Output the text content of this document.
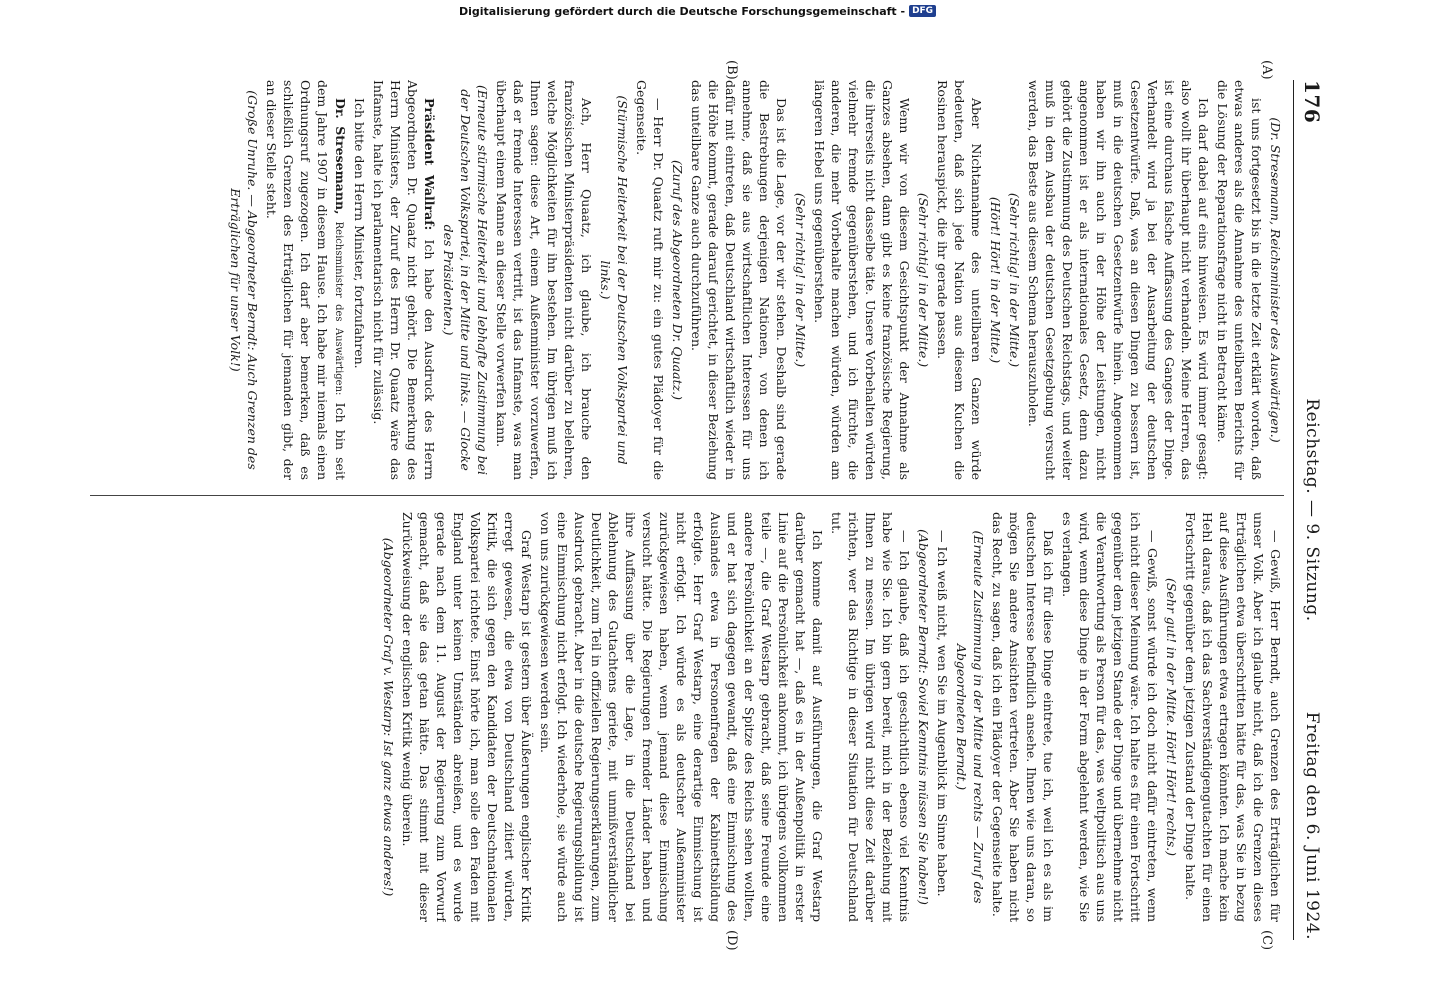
176
Reichstag. — 9. Sitzung.
Freitag den 6. Juni 1924.
(A)
(B)
(C)
(D)

(Dr. Stresemann, Reichsminister des Auswärtigen.)

ist uns fortgesetzt bis in die letzte Zeit erklärt worden, daß etwas anderes als die Annahme des unteilbaren Berichts für die Lösung der Reparationsfrage nicht in Betracht käme.

Ich darf dabei auf eins hinweisen. Es wird immer gesagt: also wollt ihr überhaupt nicht verhandeln. Meine Herren, das ist eine durchaus falsche Auffassung des Ganges der Dinge. Verhandelt wird ja bei der Ausarbeitung der deutschen Gesetzentwürfe. Daß, was an diesen Dingen zu bessern ist, muß in die deutschen Gesetzentwürfe hinein. Angenommen haben wir ihn auch in der Höhe der Leistungen, nicht angenommen ist er als internationales Gesetz, denn dazu gehört die Zustimmung des Deutschen Reichstags, und weiter muß in dem Ausbau der deutschen Gesetzgebung versucht werden, das Beste aus diesem Schema herauszuholen.

(Sehr richtig! in der Mitte.)

(Hört! Hört! in der Mitte.)

Aber Nichtannahme des unteilbaren Ganzen würde bedeuten, daß sich jede Nation aus diesem Kuchen die Rosinen herauspickt, die ihr gerade passen.

(Sehr richtig! in der Mitte.)

Wenn wir von diesem Gesichtspunkt der Annahme als Ganzes absehen, dann gibt es keine französische Regierung, die ihrerseits nicht dasselbe täte. Unsere Vorbehalten würden vielmehr fremde gegenüberstehen, und ich fürchte, die anderen, die mehr Vorbehalte machen würden, würden am längeren Hebel uns gegenüberstehen.

(Sehr richtig! in der Mitte.)

Das ist die Lage, vor der wir stehen. Deshalb sind gerade die Bestrebungen derjenigen Nationen, von denen ich annehme, daß sie aus wirtschaftlichen Interessen für uns dafür mit eintreten, daß Deutschland wirtschaftlich wieder in die Höhe kommt, gerade darauf gerichtet, in dieser Beziehung das unteilbare Ganze auch durchzuführen.

(Zuruf des Abgeordneten Dr. Quaatz.)

— Herr Dr. Quaatz ruft mir zu: ein gutes Plädoyer für die Gegenseite.

(Stürmische Heiterkeit bei der Deutschen Volkspartei und links.)

Ach, Herr Quaatz, ich glaube, ich brauche den französischen Ministerpräsidenten nicht darüber zu belehren, welche Möglichkeiten für ihn bestehen. Im übrigen muß ich Ihnen sagen: diese Art, einem Außenminister vorzuwerfen, daß er fremde Interessen vertritt, ist das Infamste, was man überhaupt einem Manne an dieser Stelle vorwerfen kann.

(Erneute stürmische Heiterkeit und lebhafte Zustimmung bei der Deutschen Volkspartei, in der Mitte und links. — Glocke des Präsidenten.)

Präsident Wallraf: Ich habe den Ausdruck des Herrn Abgeordneten Dr. Quaatz nicht gehört. Die Bemerkung des Herrn Ministers, der Zuruf des Herrn Dr. Quaatz wäre das Infamste, halte ich parlamentarisch nicht für zulässig.

Ich bitte den Herrn Minister, fortzufahren.

Dr. Stresemann, Reichsminister des Auswärtigen: Ich bin seit dem Jahre 1907 in diesem Hause. Ich habe mir niemals einen Ordnungsruf zugezogen. Ich darf aber bemerken, daß es schließlich Grenzen des Erträglichen für jemanden gibt, der an dieser Stelle steht.

(Große Unruhe. — Abgeordneter Berndt: Auch Grenzen des Erträglichen für unser Volk!)

— Gewiß, Herr Berndt, auch Grenzen des Erträglichen für unser Volk. Aber ich glaube nicht, daß ich die Grenzen dieses Erträglichen etwa überschritten hätte für das, was Sie in bezug auf diese Ausführungen etwa ertragen könnten. Ich mache kein Hehl daraus, daß ich das Sachverständigengutachten für einen Fortschritt gegenüber dem jetzigen Zustand der Dinge halte.

(Sehr gut! in der Mitte. Hört! Hört! rechts.)

— Gewiß, sonst würde ich doch nicht dafür eintreten, wenn ich nicht dieser Meinung wäre. Ich halte es für einen Fortschritt gegenüber dem jetzigen Stande der Dinge und übernehme nicht die Verantwortung als Person für das, was weltpolitisch aus uns wird, wenn diese Dinge in der Form abgelehnt werden, wie Sie es verlangen.

Daß ich für diese Dinge eintrete, tue ich, weil ich es als im deutschen Interesse befindlich ansehe. Ihnen wie uns daran, so mögen Sie andere Ansichten vertreten. Aber Sie haben nicht das Recht, zu sagen, daß ich ein Plädoyer der Gegenseite halte.

(Erneute Zustimmung in der Mitte und rechts — Zuruf des Abgeordneten Berndt.)

— Ich weiß nicht, wen Sie im Augenblick im Sinne haben.

(Abgeordneter Berndt: Soviel Kenntnis müssen Sie haben!)

— Ich glaube, daß ich geschichtlich ebenso viel Kenntnis habe wie Sie. Ich bin gern bereit, mich in der Beziehung mit Ihnen zu messen. Im übrigen wird nicht diese Zeit darüber richten, wer das Richtige in dieser Situation für Deutschland tut.

Ich komme damit auf Ausführungen, die Graf Westarp darüber gemacht hat —, daß es in der Außenpolitik in erster Linie auf die Persönlichkeit ankommt, ich übrigens vollkommen teile —, die Graf Westarp gebracht, daß seine Freunde eine andere Persönlichkeit an der Spitze des Reichs sehen wollten, und er hat sich dagegen gewandt, daß eine Einmischung des Auslandes etwa in Personenfragen der Kabinettsbildung erfolgte. Herr Graf Westarp, eine derartige Einmischung ist nicht erfolgt. Ich würde es als deutscher Außenminister zurückgewiesen haben, wenn jemand diese Einmischung versucht hätte. Die Regierungen fremder Länder haben und ihre Auffassung über die Lage, in die Deutschland bei Ablehnung des Gutachtens geriete, mit unmißverständlicher Deutlichkeit, zum Teil in offiziellen Regierungserklärungen, zum Ausdruck gebracht. Aber in die deutsche Regierungsbildung ist eine Einmischung nicht erfolgt. Ich wiederhole, sie würde auch von uns zurückgewiesen werden sein.

Graf Westarp ist gestern über Äußerungen englischer Kritik erregt gewesen, die etwa von Deutschland zitiert würden, Kritik, die sich gegen den Kandidaten der Deutschnationalen Volkspartei richtete. Einst hörte ich, man solle den Faden mit England unter keinen Umständen abreißen, und es wurde gerade nach dem 11. August der Regierung zum Vorwurf gemacht, daß sie das getan hätte. Das stimmt mit dieser Zurückweisung der englischen Kritik wenig überein.

(Abgeordneter Graf v. Westarp: Ist ganz etwas anderes!)

Digitalisierung gefördert durch die Deutsche Forschungsgemeinschaft - DFG
